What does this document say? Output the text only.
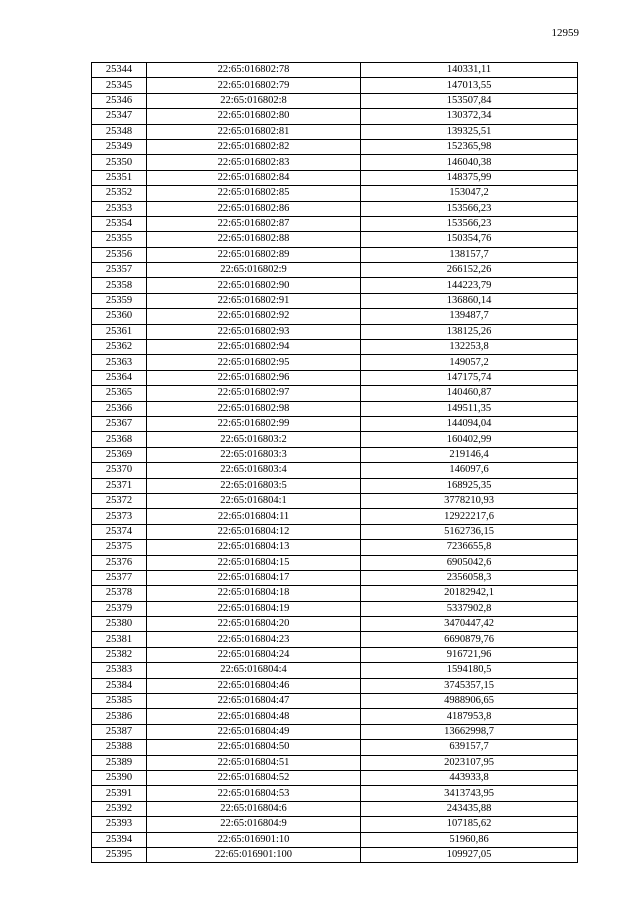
12959
25344	22:65:016802:78	140331,11
25345	22:65:016802:79	147013,55
25346	22:65:016802:8	153507,84
25347	22:65:016802:80	130372,34
25348	22:65:016802:81	139325,51
25349	22:65:016802:82	152365,98
25350	22:65:016802:83	146040,38
25351	22:65:016802:84	148375,99
25352	22:65:016802:85	153047,2
25353	22:65:016802:86	153566,23
25354	22:65:016802:87	153566,23
25355	22:65:016802:88	150354,76
25356	22:65:016802:89	138157,7
25357	22:65:016802:9	266152,26
25358	22:65:016802:90	144223,79
25359	22:65:016802:91	136860,14
25360	22:65:016802:92	139487,7
25361	22:65:016802:93	138125,26
25362	22:65:016802:94	132253,8
25363	22:65:016802:95	149057,2
25364	22:65:016802:96	147175,74
25365	22:65:016802:97	140460,87
25366	22:65:016802:98	149511,35
25367	22:65:016802:99	144094,04
25368	22:65:016803:2	160402,99
25369	22:65:016803:3	219146,4
25370	22:65:016803:4	146097,6
25371	22:65:016803:5	168925,35
25372	22:65:016804:1	3778210,93
25373	22:65:016804:11	12922217,6
25374	22:65:016804:12	5162736,15
25375	22:65:016804:13	7236655,8
25376	22:65:016804:15	6905042,6
25377	22:65:016804:17	2356058,3
25378	22:65:016804:18	20182942,1
25379	22:65:016804:19	5337902,8
25380	22:65:016804:20	3470447,42
25381	22:65:016804:23	6690879,76
25382	22:65:016804:24	916721,96
25383	22:65:016804:4	1594180,5
25384	22:65:016804:46	3745357,15
25385	22:65:016804:47	4988906,65
25386	22:65:016804:48	4187953,8
25387	22:65:016804:49	13662998,7
25388	22:65:016804:50	639157,7
25389	22:65:016804:51	2023107,95
25390	22:65:016804:52	443933,8
25391	22:65:016804:53	3413743,95
25392	22:65:016804:6	243435,88
25393	22:65:016804:9	107185,62
25394	22:65:016901:10	51960,86
25395	22:65:016901:100	109927,05
